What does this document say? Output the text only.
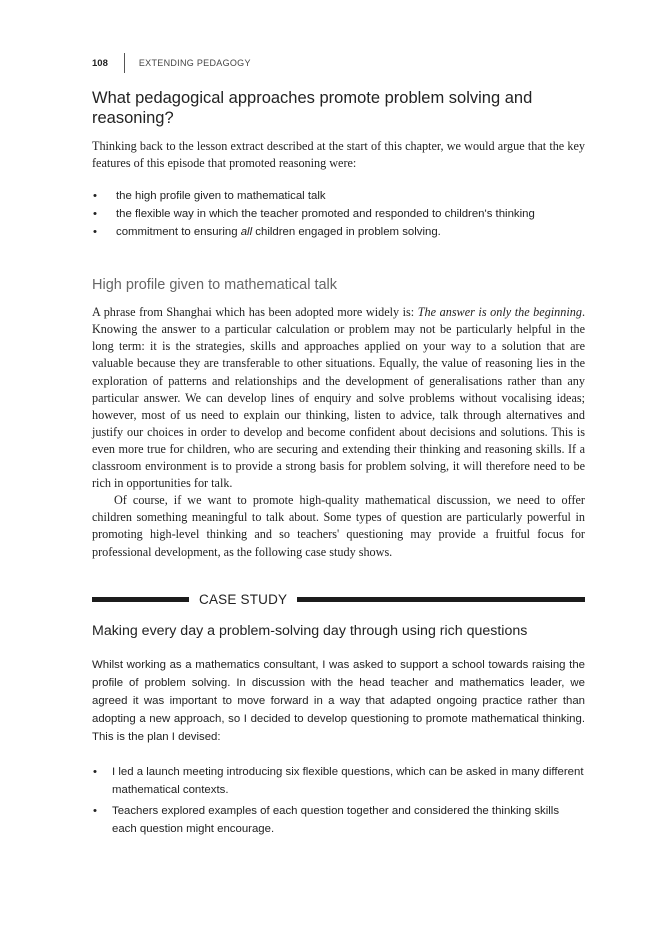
108	EXTENDING PEDAGOGY
What pedagogical approaches promote problem solving and reasoning?

Thinking back to the lesson extract described at the start of this chapter, we would argue that the key features of this episode that promoted reasoning were:

• the high profile given to mathematical talk
• the flexible way in which the teacher promoted and responded to children's thinking
• commitment to ensuring all children engaged in problem solving.
High profile given to mathematical talk

A phrase from Shanghai which has been adopted more widely is: The answer is only the beginning. Knowing the answer to a particular calculation or problem may not be particularly helpful in the long term: it is the strategies, skills and approaches applied on your way to a solution that are valuable because they are transferable to other situations. Equally, the value of reasoning lies in the exploration of patterns and relationships and the development of generalisations rather than any particular answer. We can develop lines of enquiry and solve problems without vocalising ideas; however, most of us need to explain our thinking, listen to advice, talk through alternatives and justify our choices in order to develop and become confident about decisions and solutions. This is even more true for children, who are securing and extending their thinking and reasoning skills. If a classroom environment is to provide a strong basis for problem solving, it will therefore need to be rich in opportunities for talk.

Of course, if we want to promote high-quality mathematical discussion, we need to offer children something meaningful to talk about. Some types of question are particularly powerful in promoting high-level thinking and so teachers' questioning may provide a fruitful focus for professional development, as the following case study shows.

CASE STUDY
Making every day a problem-solving day through using rich questions

Whilst working as a mathematics consultant, I was asked to support a school towards raising the profile of problem solving. In discussion with the head teacher and mathematics leader, we agreed it was important to move forward in a way that adapted ongoing practice rather than adopting a new approach, so I decided to develop questioning to promote mathematical thinking. This is the plan I devised:

• I led a launch meeting introducing six flexible questions, which can be asked in many different mathematical contexts.
• Teachers explored examples of each question together and considered the thinking skills each question might encourage.
